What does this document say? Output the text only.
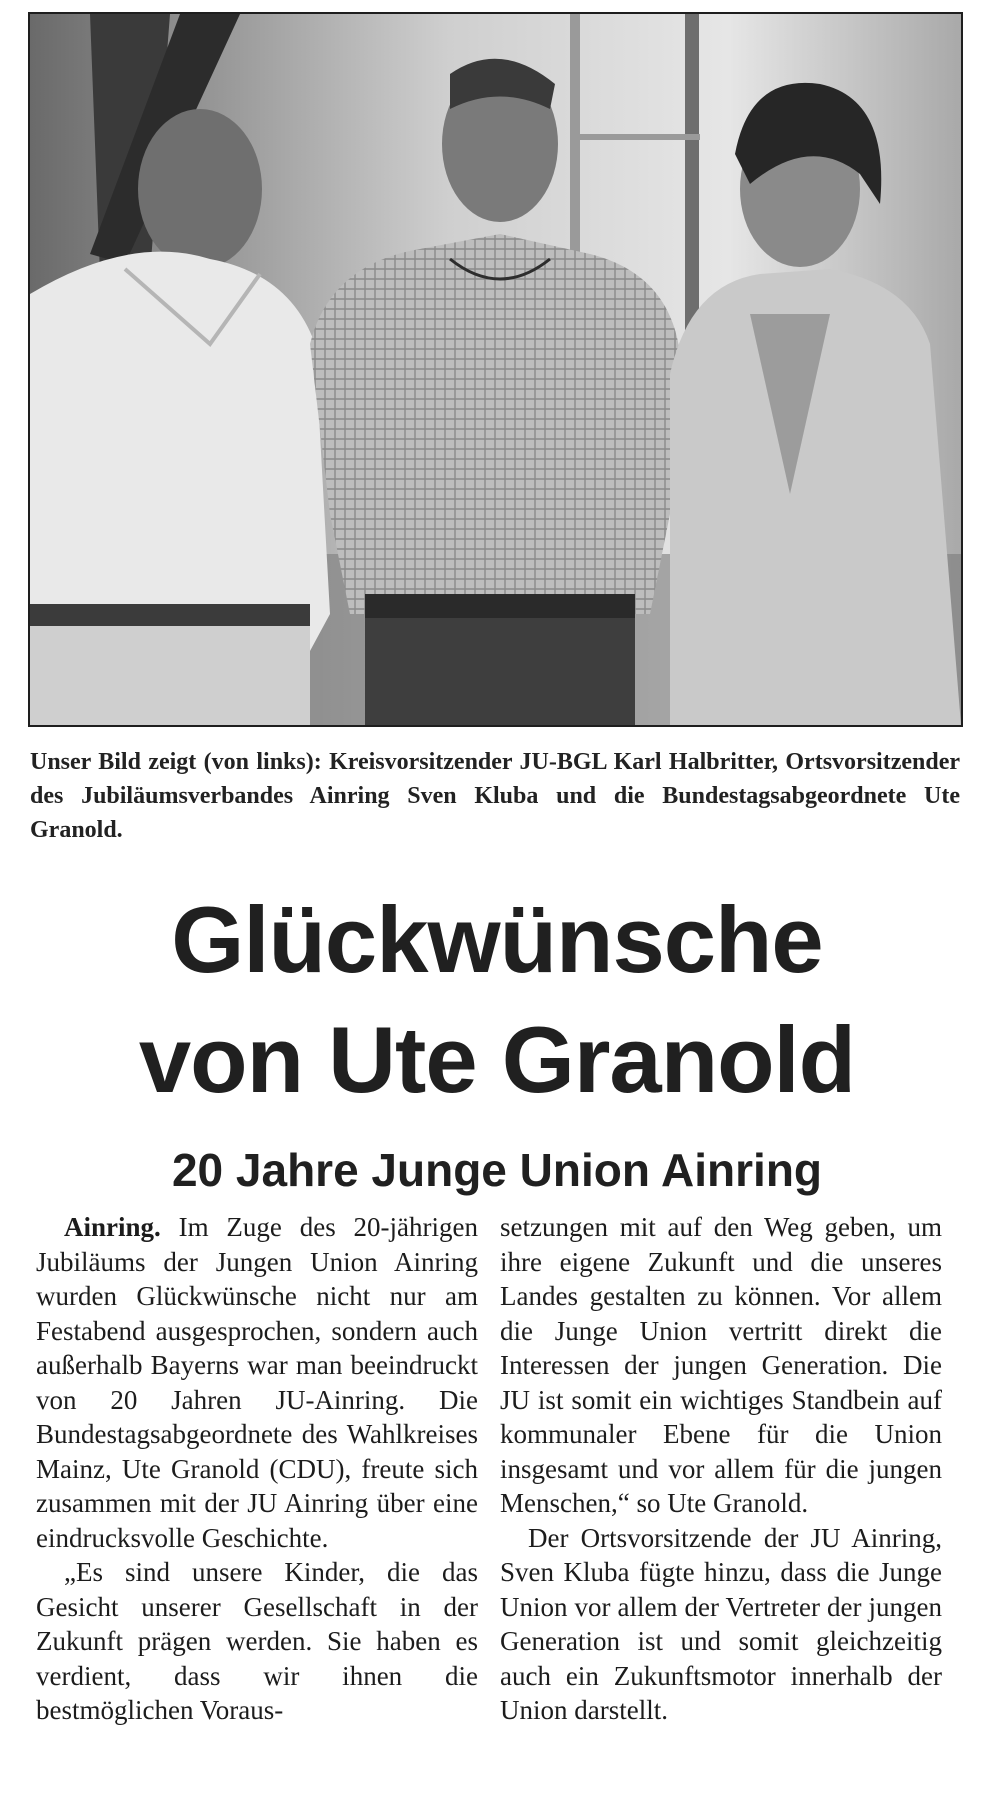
Unser Bild zeigt (von links): Kreisvorsitzender JU-BGL Karl Halbritter, Ortsvorsitzender des Jubiläumsverbandes Ainring Sven Kluba und die Bundestagsabgeordnete Ute Granold.
Glückwünsche
von Ute Granold
20 Jahre Junge Union Ainring

Ainring. Im Zuge des 20-jährigen Jubiläums der Jungen Union Ainring wurden Glückwünsche nicht nur am Festabend ausgesprochen, sondern auch außerhalb Bayerns war man beeindruckt von 20 Jahren JU-Ainring. Die Bundestagsabgeordnete des Wahlkreises Mainz, Ute Granold (CDU), freute sich zusammen mit der JU Ainring über eine eindrucksvolle Geschichte.

„Es sind unsere Kinder, die das Gesicht unserer Gesellschaft in der Zukunft prägen werden. Sie haben es verdient, dass wir ihnen die bestmöglichen Voraus-

setzungen mit auf den Weg geben, um ihre eigene Zukunft und die unseres Landes gestalten zu können. Vor allem die Junge Union vertritt direkt die Interessen der jungen Generation. Die JU ist somit ein wichtiges Standbein auf kommunaler Ebene für die Union insgesamt und vor allem für die jungen Menschen,“ so Ute Granold.

Der Ortsvorsitzende der JU Ainring, Sven Kluba fügte hinzu, dass die Junge Union vor allem der Vertreter der jungen Generation ist und somit gleichzeitig auch ein Zukunftsmotor innerhalb der Union darstellt.
